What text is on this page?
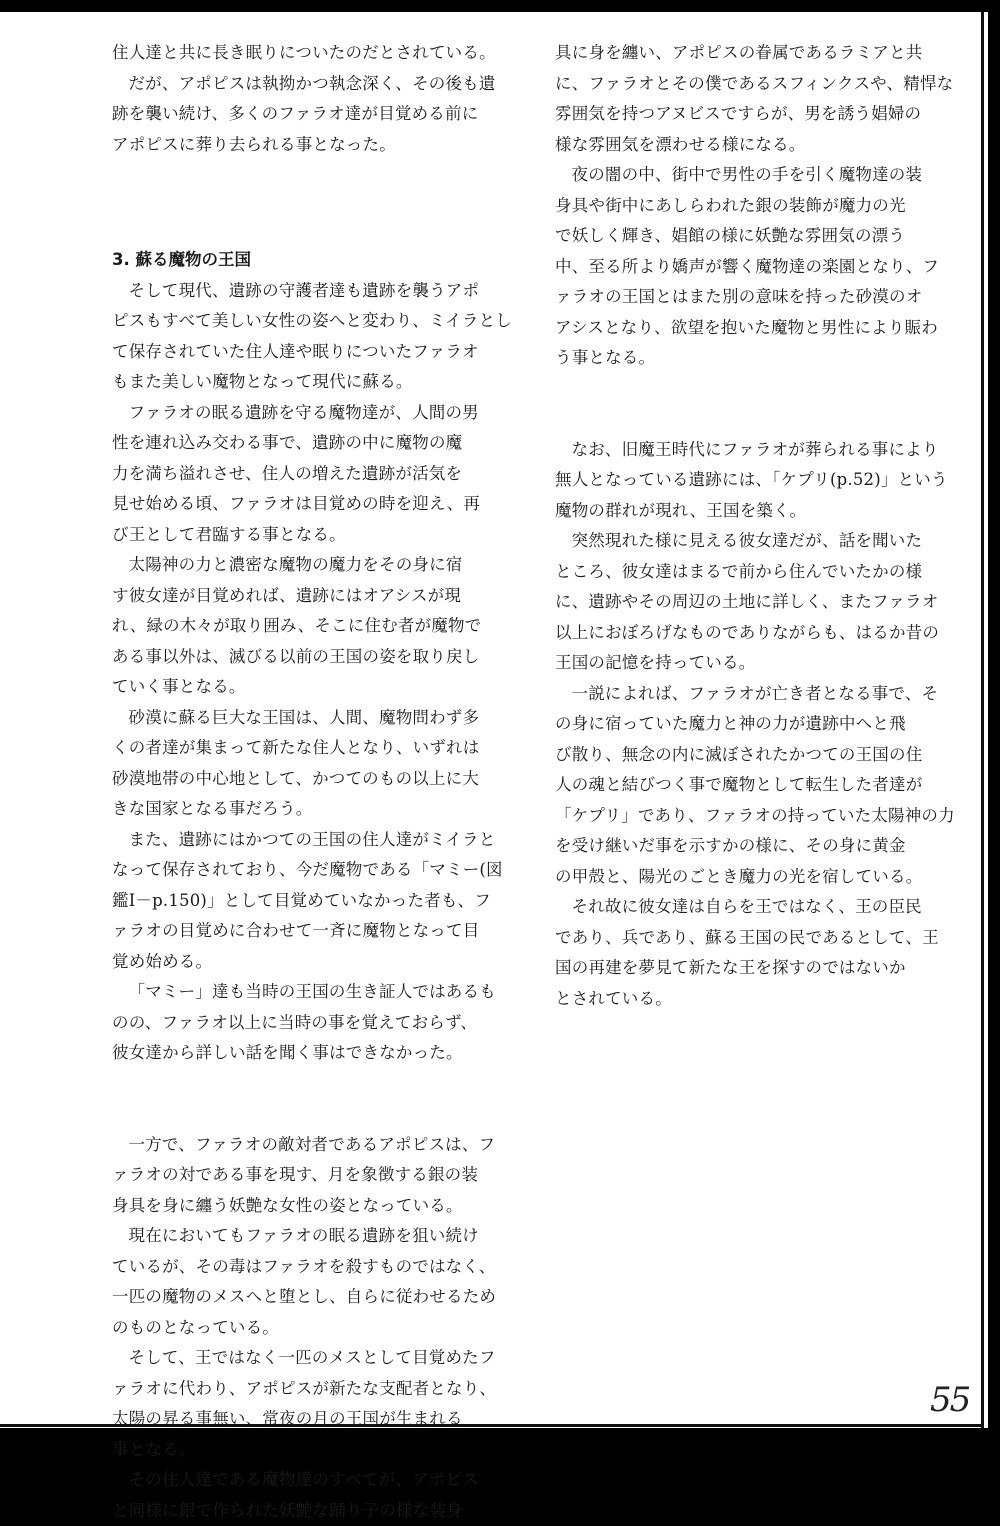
住人達と共に長き眠りについたのだとされている。

だが、アポピスは執拗かつ執念深く、その後も遺
跡を襲い続け、多くのファラオ達が目覚める前に
アポピスに葬り去られる事となった。

3. 蘇る魔物の王国

そして現代、遺跡の守護者達も遺跡を襲うアポ
ピスもすべて美しい女性の姿へと変わり、ミイラとし
て保存されていた住人達や眠りについたファラオ
もまた美しい魔物となって現代に蘇る。

ファラオの眠る遺跡を守る魔物達が、人間の男
性を連れ込み交わる事で、遺跡の中に魔物の魔
力を満ち溢れさせ、住人の増えた遺跡が活気を
見せ始める頃、ファラオは目覚めの時を迎え、再
び王として君臨する事となる。

太陽神の力と濃密な魔物の魔力をその身に宿
す彼女達が目覚めれば、遺跡にはオアシスが現
れ、緑の木々が取り囲み、そこに住む者が魔物で
ある事以外は、滅びる以前の王国の姿を取り戻し
ていく事となる。

砂漠に蘇る巨大な王国は、人間、魔物問わず多
くの者達が集まって新たな住人となり、いずれは
砂漠地帯の中心地として、かつてのもの以上に大
きな国家となる事だろう。

また、遺跡にはかつての王国の住人達がミイラと
なって保存されており、今だ魔物である「マミー(図
鑑Ⅰ－p.150)」として目覚めていなかった者も、フ
ァラオの目覚めに合わせて一斉に魔物となって目
覚め始める。

「マミー」達も当時の王国の生き証人ではあるも
のの、ファラオ以上に当時の事を覚えておらず、
彼女達から詳しい話を聞く事はできなかった。

一方で、ファラオの敵対者であるアポピスは、フ
ァラオの対である事を現す、月を象徴する銀の装
身具を身に纏う妖艶な女性の姿となっている。

現在においてもファラオの眠る遺跡を狙い続け
ているが、その毒はファラオを殺すものではなく、
一匹の魔物のメスへと堕とし、自らに従わせるため
のものとなっている。

そして、王ではなく一匹のメスとして目覚めたフ
ァラオに代わり、アポピスが新たな支配者となり、
太陽の昇る事無い、常夜の月の王国が生まれる
事となる。

その住人達である魔物達のすべてが、アポピス
と同様に銀で作られた妖艶な踊り子の様な装身

具に身を纏い、アポピスの眷属であるラミアと共
に、ファラオとその僕であるスフィンクスや、精悍な
雰囲気を持つアヌビスですらが、男を誘う娼婦の
様な雰囲気を漂わせる様になる。

夜の闇の中、街中で男性の手を引く魔物達の装
身具や街中にあしらわれた銀の装飾が魔力の光
で妖しく輝き、娼館の様に妖艶な雰囲気の漂う
中、至る所より嬌声が響く魔物達の楽園となり、フ
ァラオの王国とはまた別の意味を持った砂漠のオ
アシスとなり、欲望を抱いた魔物と男性により賑わ
う事となる。

なお、旧魔王時代にファラオが葬られる事により
無人となっている遺跡には、「ケプリ(p.52)」という
魔物の群れが現れ、王国を築く。

突然現れた様に見える彼女達だが、話を聞いた
ところ、彼女達はまるで前から住んでいたかの様
に、遺跡やその周辺の土地に詳しく、またファラオ
以上におぼろげなものでありながらも、はるか昔の
王国の記憶を持っている。

一説によれば、ファラオが亡き者となる事で、そ
の身に宿っていた魔力と神の力が遺跡中へと飛
び散り、無念の内に滅ぼされたかつての王国の住
人の魂と結びつく事で魔物として転生した者達が
「ケプリ」であり、ファラオの持っていた太陽神の力
を受け継いだ事を示すかの様に、その身に黄金
の甲殻と、陽光のごとき魔力の光を宿している。

それ故に彼女達は自らを王ではなく、王の臣民
であり、兵であり、蘇る王国の民であるとして、王
国の再建を夢見て新たな王を探すのではないか
とされている。

55
